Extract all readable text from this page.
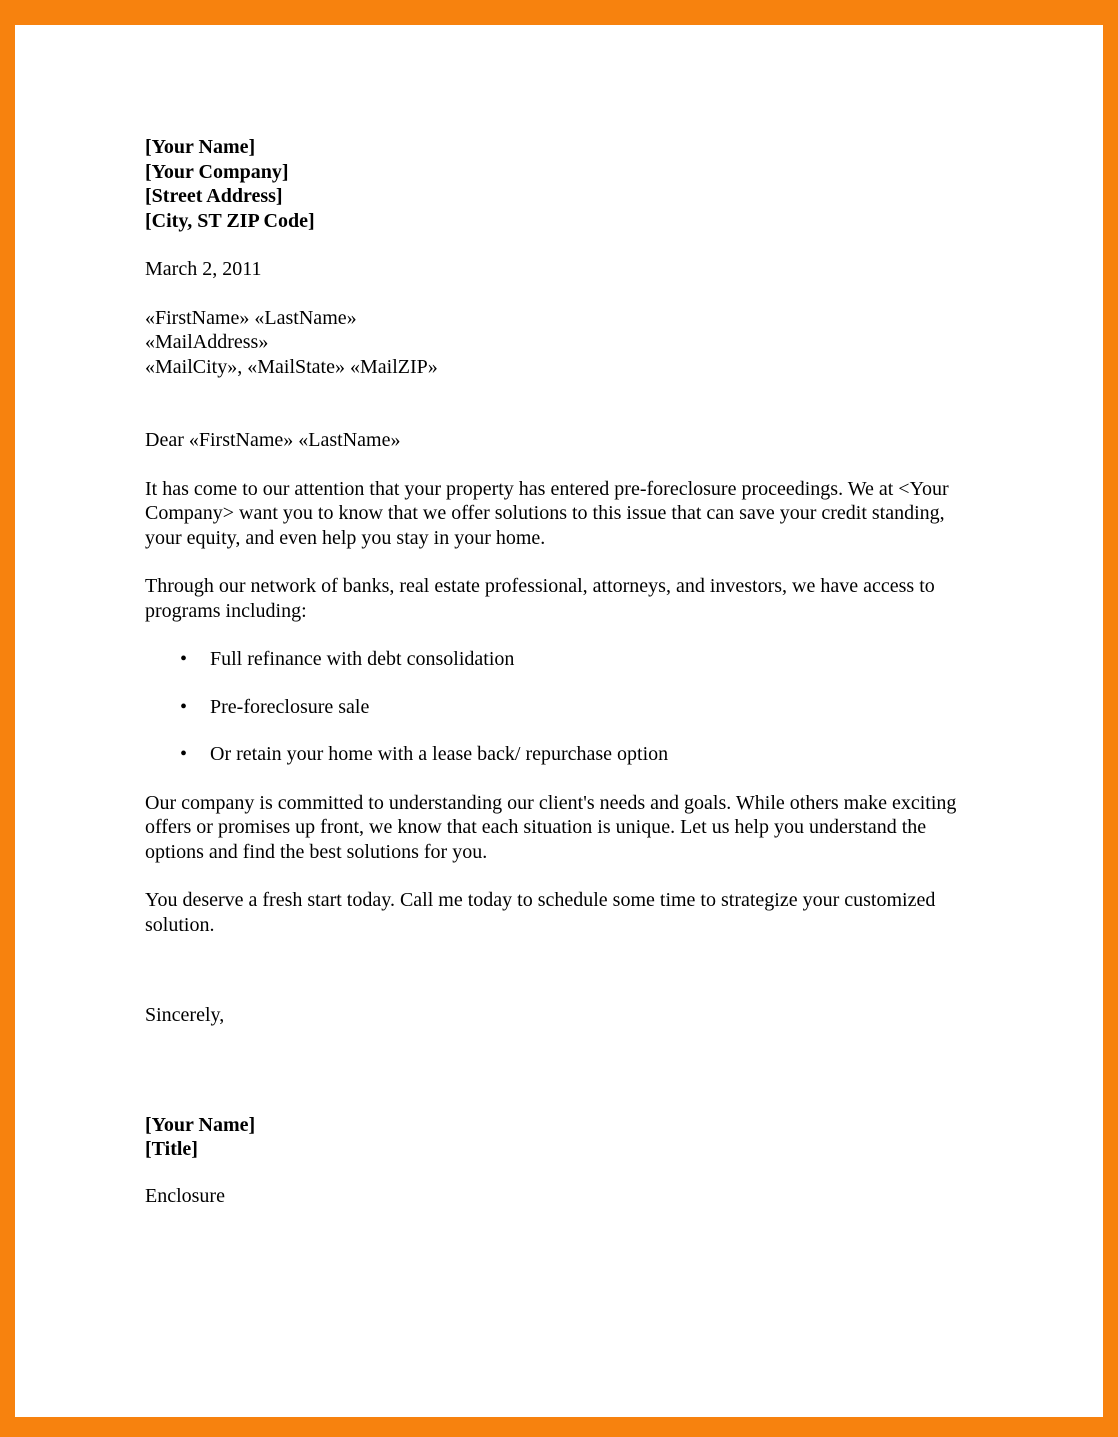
[Your Name]
[Your Company]
[Street Address]
[City, ST ZIP Code]

March 2, 2011

«FirstName» «LastName»
«MailAddress»
«MailCity», «MailState» «MailZIP»

Dear «FirstName» «LastName»

It has come to our attention that your property has entered pre-foreclosure proceedings. We at <Your Company> want you to know that we offer solutions to this issue that can save your credit standing, your equity, and even help you stay in your home.

Through our network of banks, real estate professional, attorneys, and investors, we have access to programs including:

• Full refinance with debt consolidation
• Pre-foreclosure sale
• Or retain your home with a lease back/ repurchase option

Our company is committed to understanding our client's needs and goals. While others make exciting offers or promises up front, we know that each situation is unique. Let us help you understand the options and find the best solutions for you.

You deserve a fresh start today. Call me today to schedule some time to strategize your customized solution.

Sincerely,

[Your Name]
[Title]

Enclosure
